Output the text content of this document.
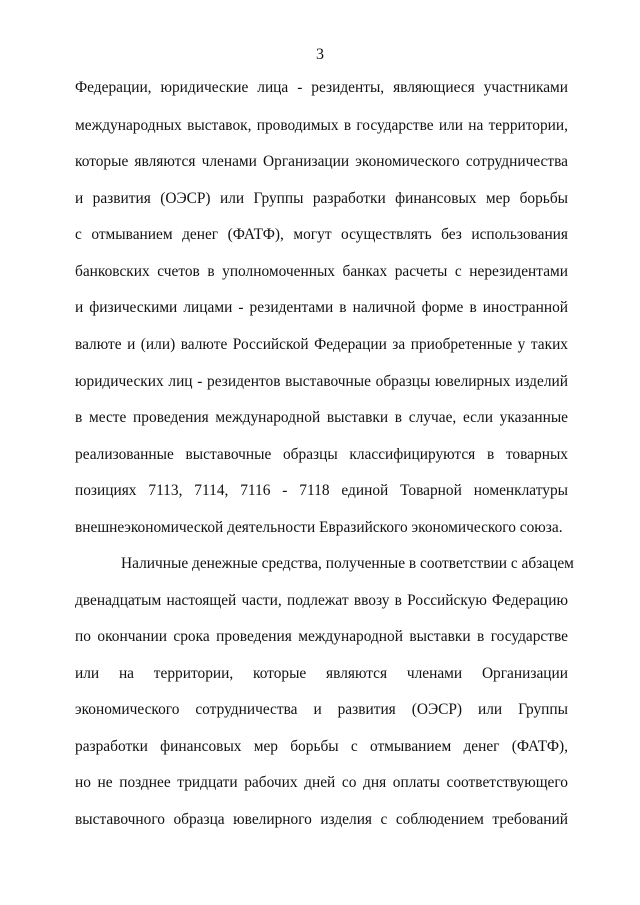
3
Федерации, юридические лица - резиденты, являющиеся участниками
международных выставок, проводимых в государстве или на территории,
которые являются членами Организации экономического сотрудничества
и развития (ОЭСР) или Группы разработки финансовых мер борьбы
с отмыванием денег (ФАТФ), могут осуществлять без использования
банковских счетов в уполномоченных банках расчеты с нерезидентами
и физическими лицами - резидентами в наличной форме в иностранной
валюте и (или) валюте Российской Федерации за приобретенные у таких
юридических лиц - резидентов выставочные образцы ювелирных изделий
в месте проведения международной выставки в случае, если указанные
реализованные выставочные образцы классифицируются в товарных
позициях 7113, 7114, 7116 - 7118 единой Товарной номенклатуры
внешнеэкономической деятельности Евразийского экономического союза.
Наличные денежные средства, полученные в соответствии с абзацем
двенадцатым настоящей части, подлежат ввозу в Российскую Федерацию
по окончании срока проведения международной выставки в государстве
или на территории, которые являются членами Организации
экономического сотрудничества и развития (ОЭСР) или Группы
разработки финансовых мер борьбы с отмыванием денег (ФАТФ),
но не позднее тридцати рабочих дней со дня оплаты соответствующего
выставочного образца ювелирного изделия с соблюдением требований
